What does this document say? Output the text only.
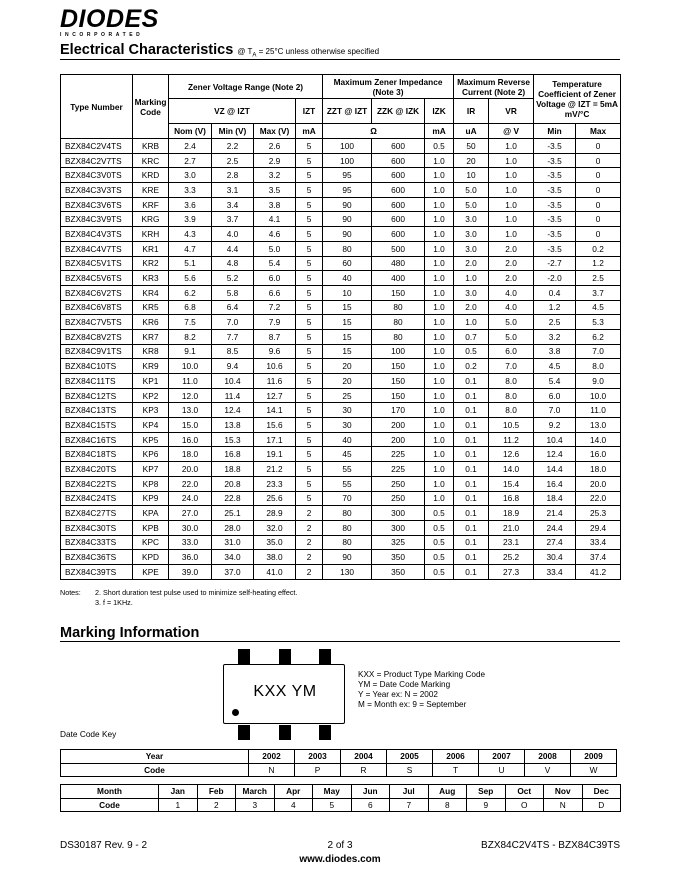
DIODES
INCORPORATED
Electrical Characteristics @ $T_A = 25^\circ C$ unless otherwise specified
Type Number	Marking Code	Zener Voltage Range (Note 2)				Maximum Zener Impedance (Note 3)			Maximum Reverse Current (Note 2)		Temperature Coefficient of Zener Voltage @ IZT = 5mA mV/°C	
		VZ @ IZT			IZT	ZZT @ IZT	ZZK @ IZK	IZK	IR	VR		
		Nom (V)	Min (V)	Max (V)	mA	Ω		mA	uA	@ V	Min	Max
BZX84C2V4TS	KRB	2.4	2.2	2.6	5	100	600	0.5	50	1.0	-3.5	0
BZX84C2V7TS	KRC	2.7	2.5	2.9	5	100	600	1.0	20	1.0	-3.5	0
BZX84C3V0TS	KRD	3.0	2.8	3.2	5	95	600	1.0	10	1.0	-3.5	0
BZX84C3V3TS	KRE	3.3	3.1	3.5	5	95	600	1.0	5.0	1.0	-3.5	0
BZX84C3V6TS	KRF	3.6	3.4	3.8	5	90	600	1.0	5.0	1.0	-3.5	0
BZX84C3V9TS	KRG	3.9	3.7	4.1	5	90	600	1.0	3.0	1.0	-3.5	0
BZX84C4V3TS	KRH	4.3	4.0	4.6	5	90	600	1.0	3.0	1.0	-3.5	0
BZX84C4V7TS	KR1	4.7	4.4	5.0	5	80	500	1.0	3.0	2.0	-3.5	0.2
BZX84C5V1TS	KR2	5.1	4.8	5.4	5	60	480	1.0	2.0	2.0	-2.7	1.2
BZX84C5V6TS	KR3	5.6	5.2	6.0	5	40	400	1.0	1.0	2.0	-2.0	2.5
BZX84C6V2TS	KR4	6.2	5.8	6.6	5	10	150	1.0	3.0	4.0	0.4	3.7
BZX84C6V8TS	KR5	6.8	6.4	7.2	5	15	80	1.0	2.0	4.0	1.2	4.5
BZX84C7V5TS	KR6	7.5	7.0	7.9	5	15	80	1.0	1.0	5.0	2.5	5.3
BZX84C8V2TS	KR7	8.2	7.7	8.7	5	15	80	1.0	0.7	5.0	3.2	6.2
BZX84C9V1TS	KR8	9.1	8.5	9.6	5	15	100	1.0	0.5	6.0	3.8	7.0
BZX84C10TS	KR9	10.0	9.4	10.6	5	20	150	1.0	0.2	7.0	4.5	8.0
BZX84C11TS	KP1	11.0	10.4	11.6	5	20	150	1.0	0.1	8.0	5.4	9.0
BZX84C12TS	KP2	12.0	11.4	12.7	5	25	150	1.0	0.1	8.0	6.0	10.0
BZX84C13TS	KP3	13.0	12.4	14.1	5	30	170	1.0	0.1	8.0	7.0	11.0
BZX84C15TS	KP4	15.0	13.8	15.6	5	30	200	1.0	0.1	10.5	9.2	13.0
BZX84C16TS	KP5	16.0	15.3	17.1	5	40	200	1.0	0.1	11.2	10.4	14.0
BZX84C18TS	KP6	18.0	16.8	19.1	5	45	225	1.0	0.1	12.6	12.4	16.0
BZX84C20TS	KP7	20.0	18.8	21.2	5	55	225	1.0	0.1	14.0	14.4	18.0
BZX84C22TS	KP8	22.0	20.8	23.3	5	55	250	1.0	0.1	15.4	16.4	20.0
BZX84C24TS	KP9	24.0	22.8	25.6	5	70	250	1.0	0.1	16.8	18.4	22.0
BZX84C27TS	KPA	27.0	25.1	28.9	2	80	300	0.5	0.1	18.9	21.4	25.3
BZX84C30TS	KPB	30.0	28.0	32.0	2	80	300	0.5	0.1	21.0	24.4	29.4
BZX84C33TS	KPC	33.0	31.0	35.0	2	80	325	0.5	0.1	23.1	27.4	33.4
BZX84C36TS	KPD	36.0	34.0	38.0	2	90	350	0.5	0.1	25.2	30.4	37.4
BZX84C39TS	KPE	39.0	37.0	41.0	2	130	350	0.5	0.1	27.3	33.4	41.2
Notes: 2. Short duration test pulse used to minimize self-heating effect.
3. f = 1KHz.
Marking Information
KXX YM
KXX = Product Type Marking Code
YM = Date Code Marking
Y = Year ex: N = 2002
M = Month ex: 9 = September
Date Code Key
Year	2002	2003	2004	2005	2006	2007	2008	2009
Code	N	P	R	S	T	U	V	W
Month	Jan	Feb	March	Apr	May	Jun	Jul	Aug	Sep	Oct	Nov	Dec
Code	1	2	3	4	5	6	7	8	9	O	N	D
DS30187 Rev. 9 - 2	2 of 3	BZX84C2V4TS - BZX84C39TS
www.diodes.com
